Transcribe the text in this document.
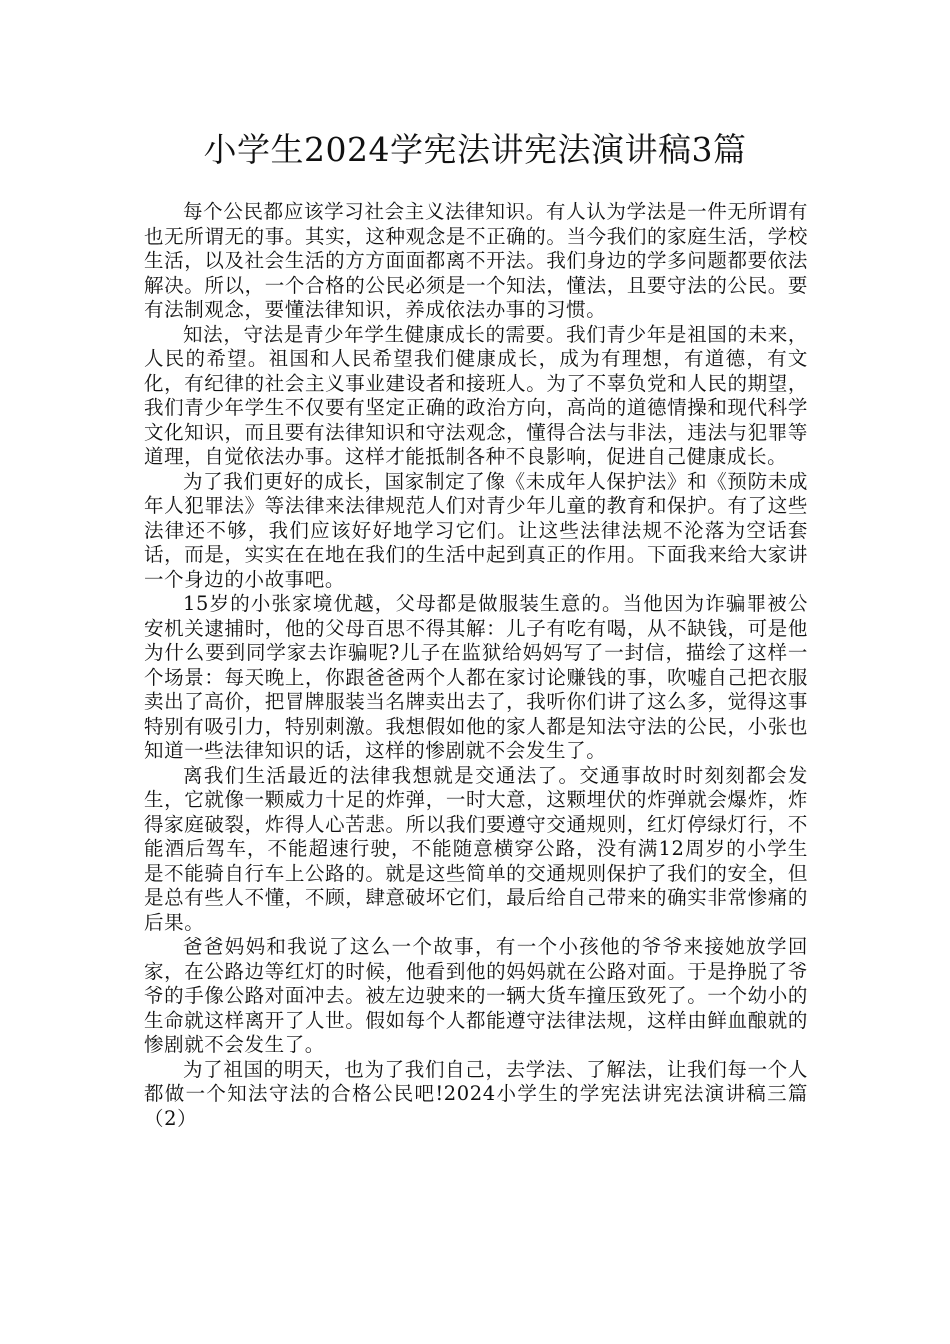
小学生2024学宪法讲宪法演讲稿3篇

每个公民都应该学习社会主义法律知识。有人认为学法是一件无所谓有也无所谓无的事。其实，这种观念是不正确的。当今我们的家庭生活，学校生活，以及社会生活的方方面面都离不开法。我们身边的学多问题都要依法解决。所以，一个合格的公民必须是一个知法，懂法，且要守法的公民。要有法制观念，要懂法律知识，养成依法办事的习惯。

知法，守法是青少年学生健康成长的需要。我们青少年是祖国的未来，人民的希望。祖国和人民希望我们健康成长，成为有理想，有道德，有文化，有纪律的社会主义事业建设者和接班人。为了不辜负党和人民的期望，我们青少年学生不仅要有坚定正确的政治方向，高尚的道德情操和现代科学文化知识，而且要有法律知识和守法观念，懂得合法与非法，违法与犯罪等道理，自觉依法办事。这样才能抵制各种不良影响，促进自己健康成长。

为了我们更好的成长，国家制定了像《未成年人保护法》和《预防未成年人犯罪法》等法律来法律规范人们对青少年儿童的教育和保护。有了这些法律还不够，我们应该好好地学习它们。让这些法律法规不沦落为空话套话，而是，实实在在地在我们的生活中起到真正的作用。下面我来给大家讲一个身边的小故事吧。

15岁的小张家境优越，父母都是做服装生意的。当他因为诈骗罪被公安机关逮捕时，他的父母百思不得其解：儿子有吃有喝，从不缺钱，可是他为什么要到同学家去诈骗呢?儿子在监狱给妈妈写了一封信，描绘了这样一个场景：每天晚上，你跟爸爸两个人都在家讨论赚钱的事，吹嘘自己把衣服卖出了高价，把冒牌服装当名牌卖出去了，我听你们讲了这么多，觉得这事特别有吸引力，特别刺激。我想假如他的家人都是知法守法的公民，小张也知道一些法律知识的话，这样的惨剧就不会发生了。

离我们生活最近的法律我想就是交通法了。交通事故时时刻刻都会发生，它就像一颗威力十足的炸弹，一时大意，这颗埋伏的炸弹就会爆炸，炸得家庭破裂，炸得人心苦悲。所以我们要遵守交通规则，红灯停绿灯行，不能酒后驾车，不能超速行驶，不能随意横穿公路，没有满12周岁的小学生是不能骑自行车上公路的。就是这些简单的交通规则保护了我们的安全，但是总有些人不懂，不顾，肆意破坏它们，最后给自己带来的确实非常惨痛的后果。

爸爸妈妈和我说了这么一个故事，有一个小孩他的爷爷来接她放学回家，在公路边等红灯的时候，他看到他的妈妈就在公路对面。于是挣脱了爷爷的手像公路对面冲去。被左边驶来的一辆大货车撞压致死了。一个幼小的生命就这样离开了人世。假如每个人都能遵守法律法规，这样由鲜血酿就的惨剧就不会发生了。

为了祖国的明天，也为了我们自己，去学法、了解法，让我们每一个人都做一个知法守法的合格公民吧!2024小学生的学宪法讲宪法演讲稿三篇（2）
